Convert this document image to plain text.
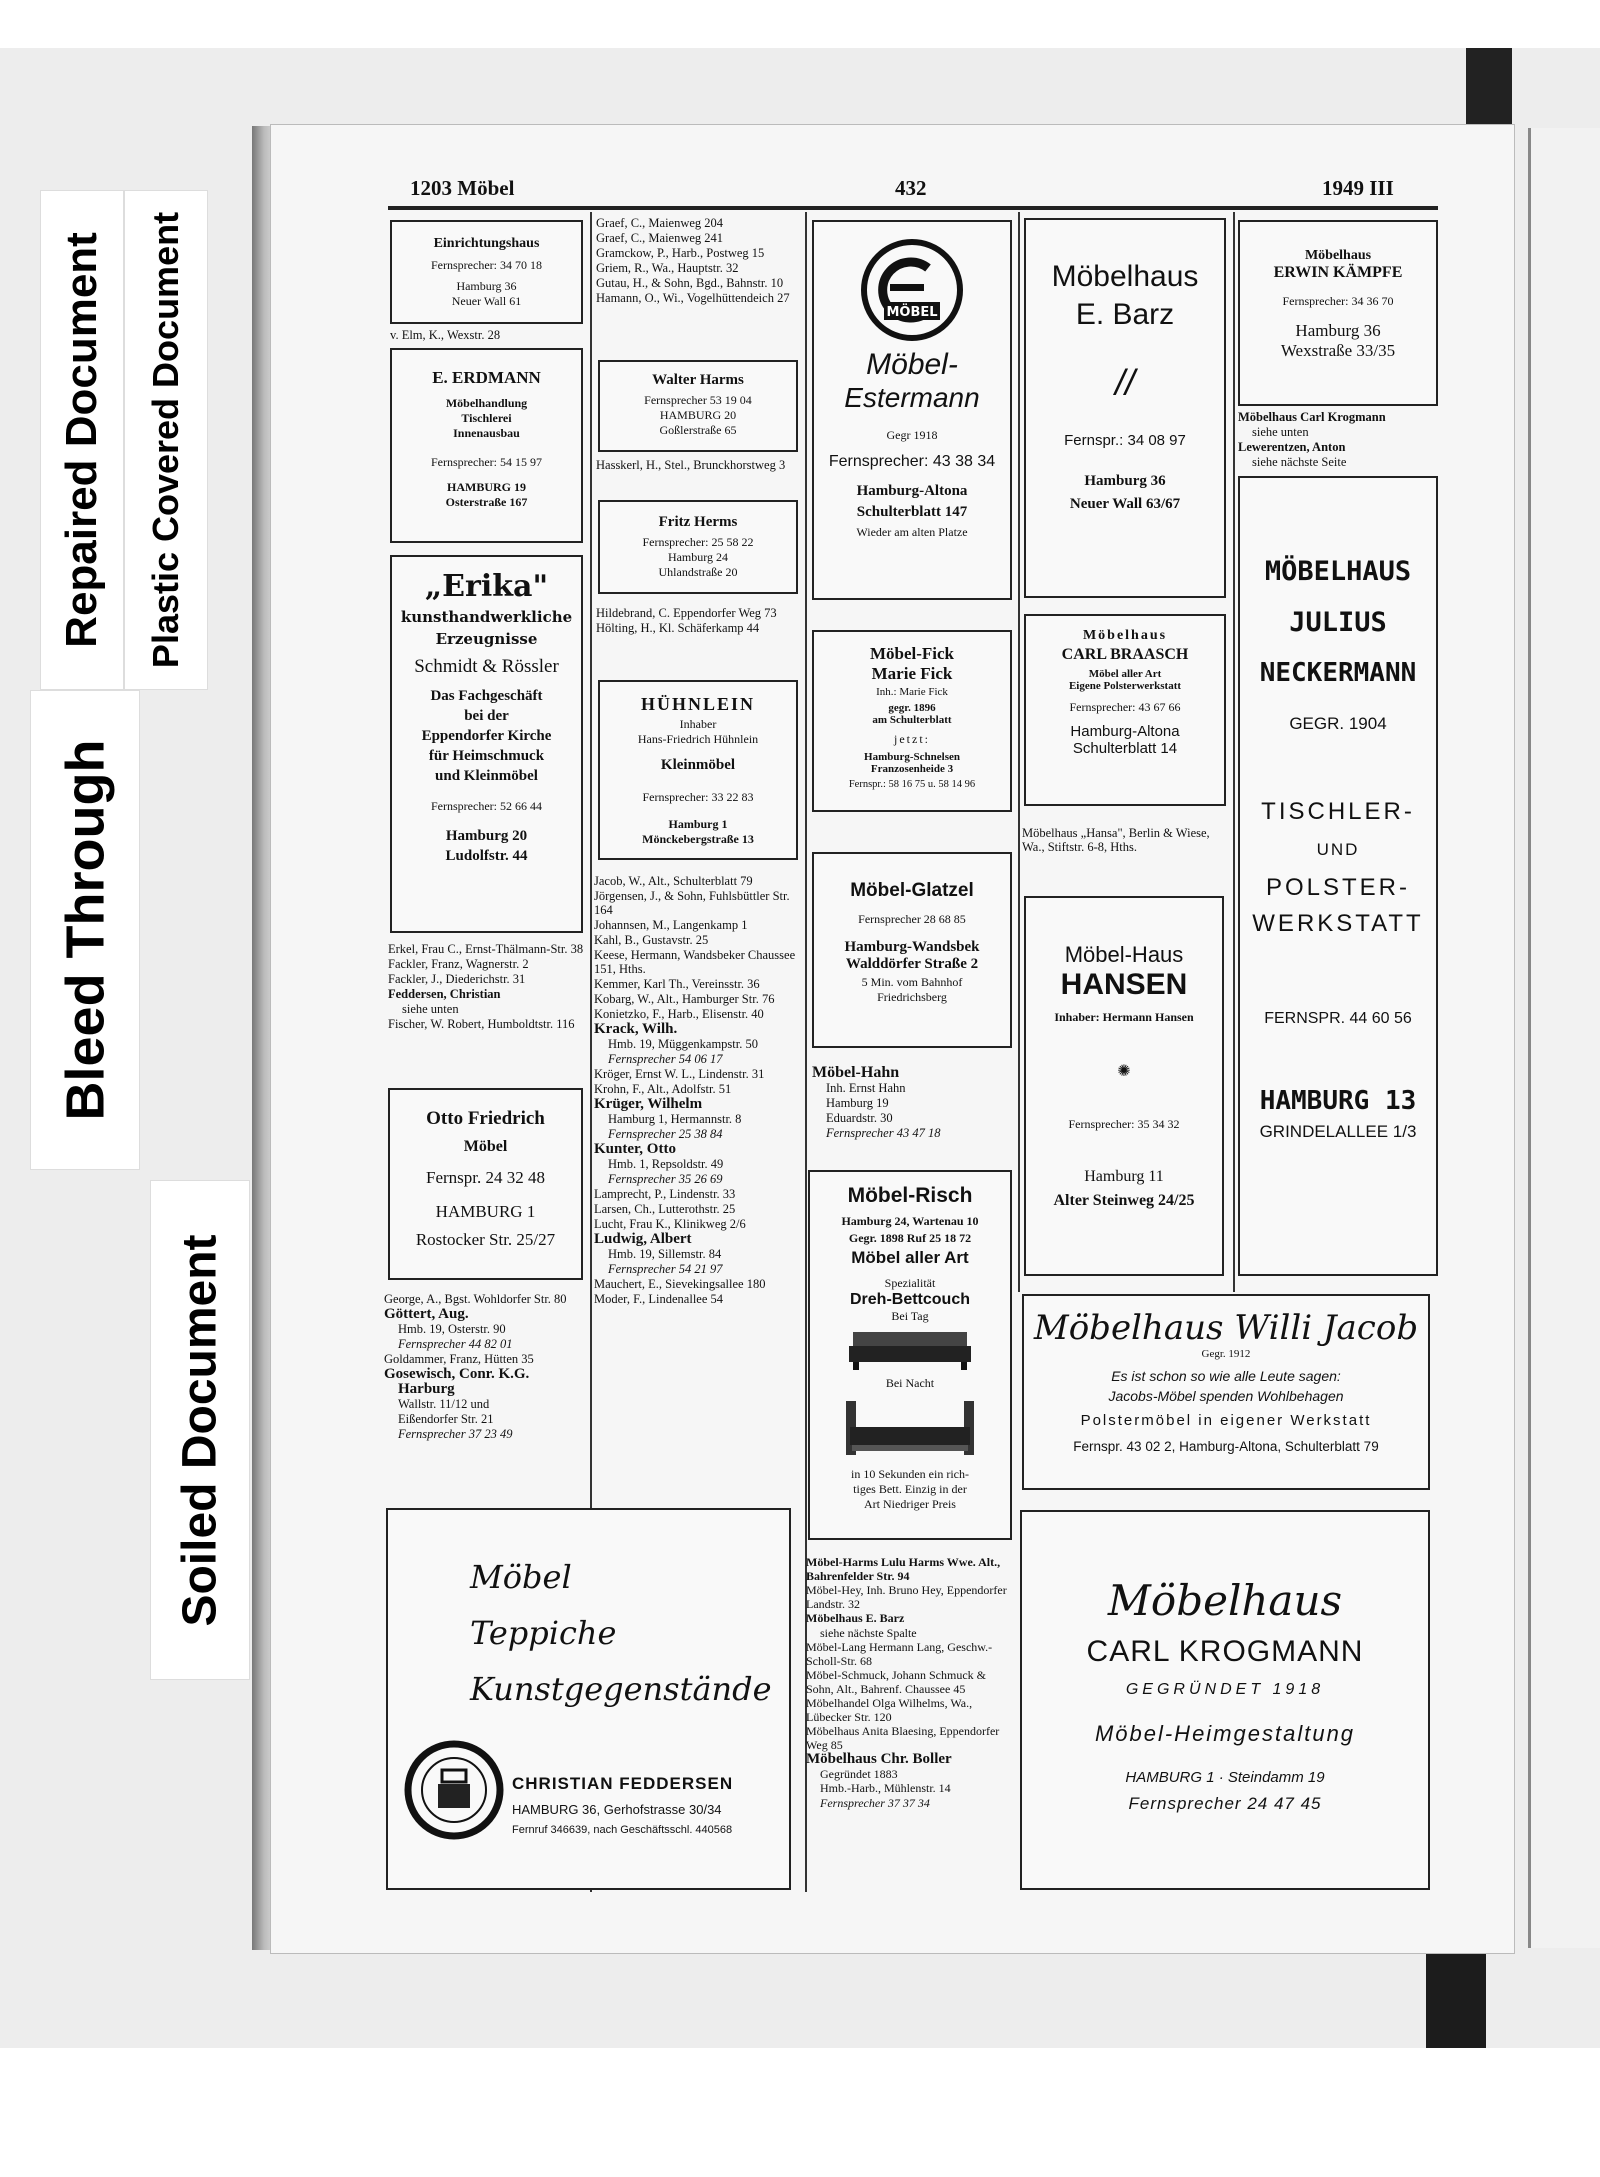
Repaired Document Plastic Covered Document
Bleed Through
Soiled Document
1203 Möbel	432	1949 III
Einrichtungshaus
Fernsprecher: 34 70 18
Hamburg 36
Neuer Wall 61
v. Elm, K., Wexstr. 28
E. ERDMANN
Möbelhandlung
Tischlerei
Innenausbau
Fernsprecher: 54 15 97
HAMBURG 19
Osterstraße 167
„Erika"
kunsthandwerkliche
Erzeugnisse
Schmidt & Rössler
Das Fachgeschäft
bei der
Eppendorfer Kirche
für Heimschmuck
und Kleinmöbel
Fernsprecher: 52 66 44
Hamburg 20
Ludolfstr. 44

Erkel, Frau C., Ernst-Thälmann-Str. 38

Fackler, Franz, Wagnerstr. 2

Fackler, J., Diederichstr. 31

Feddersen, Christian

siehe unten

Fischer, W. Robert, Humboldtstr. 116

Otto Friedrich
Möbel
Fernspr. 24 32 48
HAMBURG 1
Rostocker Str. 25/27

George, A., Bgst. Wohldorfer Str. 80

Göttert, Aug.

Hmb. 19, Osterstr. 90

Fernsprecher 44 82 01

Goldammer, Franz, Hütten 35

Gosewisch, Conr. K.G.

Harburg

Wallstr. 11/12 und

Eißendorfer Str. 21

Fernsprecher 37 23 49

Möbel
Teppiche
Kunstgegenstände
CHRISTIAN FEDDERSEN
HAMBURG 36, Gerhofstrasse 30/34
Fernruf 346639, nach Geschäftsschl. 440568

Graef, C., Maienweg 204

Graef, C., Maienweg 241

Gramckow, P., Harb., Postweg 15

Griem, R., Wa., Hauptstr. 32

Gutau, H., & Sohn, Bgd., Bahnstr. 10

Hamann, O., Wi., Vogelhüttendeich 27

Walter Harms
Fernsprecher 53 19 04
HAMBURG 20
Goßlerstraße 65

Hasskerl, H., Stel., Brunckhorstweg 3

Fritz Herms
Fernsprecher: 25 58 22
Hamburg 24
Uhlandstraße 20

Hildebrand, C. Eppendorfer Weg 73

Hölting, H., Kl. Schäferkamp 44

HÜHNLEIN
Inhaber
Hans-Friedrich Hühnlein
Kleinmöbel
Fernsprecher: 33 22 83
Hamburg 1
Mönckebergstraße 13

Jacob, W., Alt., Schulterblatt 79

Jörgensen, J., & Sohn, Fuhlsbüttler Str. 164

Johannsen, M., Langenkamp 1

Kahl, B., Gustavstr. 25

Keese, Hermann, Wandsbeker Chaussee 151, Hths.

Kemmer, Karl Th., Vereinsstr. 36

Kobarg, W., Alt., Hamburger Str. 76

Konietzko, F., Harb., Elisenstr. 40

Krack, Wilh.

Hmb. 19, Müggenkampstr. 50

Fernsprecher 54 06 17

Kröger, Ernst W. L., Lindenstr. 31

Krohn, F., Alt., Adolfstr. 51

Krüger, Wilhelm

Hamburg 1, Hermannstr. 8

Fernsprecher 25 38 84

Kunter, Otto

Hmb. 1, Repsoldstr. 49

Fernsprecher 35 26 69

Lamprecht, P., Lindenstr. 33

Larsen, Ch., Lutterothstr. 25

Lucht, Frau K., Klinikweg 2/6

Ludwig, Albert

Hmb. 19, Sillemstr. 84

Fernsprecher 54 21 97

Mauchert, E., Sievekingsallee 180

Moder, F., Lindenallee 54

MÖBEL
Möbel-
Estermann
Gegr 1918
Fernsprecher: 43 38 34
Hamburg-Altona
Schulterblatt 147
Wieder am alten Platze
Möbel-Fick
Marie Fick
Inh.: Marie Fick
gegr. 1896
am Schulterblatt
jetzt:
Hamburg-Schnelsen
Franzosenheide 3
Fernspr.: 58 16 75 u. 58 14 96
Möbel-Glatzel
Fernsprecher 28 68 85
Hamburg-Wandsbek
Walddörfer Straße 2
5 Min. vom Bahnhof
Friedrichsberg

Möbel-Hahn

Inh. Ernst Hahn

Hamburg 19

Eduardstr. 30

Fernsprecher 43 47 18

Möbel-Risch
Hamburg 24, Wartenau 10
Gegr. 1898 Ruf 25 18 72
Möbel aller Art
Spezialität
Dreh-Bettcouch
Bei Tag
Bei Nacht
in 10 Sekunden ein rich-
tiges Bett. Einzig in der
Art Niedriger Preis

Möbel-Harms Lulu Harms Wwe. Alt., Bahrenfelder Str. 94

Möbel-Hey, Inh. Bruno Hey, Eppendorfer Landstr. 32

Möbelhaus E. Barz

siehe nächste Spalte

Möbel-Lang Hermann Lang, Geschw.-Scholl-Str. 68

Möbel-Schmuck, Johann Schmuck & Sohn, Alt., Bahrenf. Chaussee 45

Möbelhandel Olga Wilhelms, Wa., Lübecker Str. 120

Möbelhaus Anita Blaesing, Eppendorfer Weg 85

Möbelhaus Chr. Boller

Gegründet 1883

Hmb.-Harb., Mühlenstr. 14

Fernsprecher 37 37 34

Möbelhaus
E. Barz
//
Fernspr.: 34 08 97
Hamburg 36
Neuer Wall 63/67
Möbelhaus
CARL BRAASCH
Möbel aller Art
Eigene Polsterwerkstatt
Fernsprecher: 43 67 66
Hamburg-Altona
Schulterblatt 14
Möbelhaus „Hansa", Berlin & Wiese, Wa., Stiftstr. 6-8, Hths.
Möbel-Haus
HANSEN
Inhaber: Hermann Hansen
✺
Fernsprecher: 35 34 32
Hamburg 11
Alter Steinweg 24/25
Möbelhaus
ERWIN KÄMPFE
Fernsprecher: 34 36 70
Hamburg 36
Wexstraße 33/35

Möbelhaus Carl Krogmann

siehe unten

Lewerentzen, Anton

siehe nächste Seite

MÖBELHAUS
JULIUS
NECKERMANN
GEGR. 1904
TISCHLER-
UND
POLSTER-
WERKSTATT
FERNSPR. 44 60 56
HAMBURG 13
GRINDELALLEE 1/3
Möbelhaus Willi Jacob
Gegr. 1912
Es ist schon so wie alle Leute sagen:
Jacobs-Möbel spenden Wohlbehagen
Polstermöbel in eigener Werkstatt
Fernspr. 43 02 2, Hamburg-Altona, Schulterblatt 79
Möbelhaus
CARL KROGMANN
GEGRÜNDET 1918
Möbel-Heimgestaltung
HAMBURG 1 · Steindamm 19
Fernsprecher 24 47 45
